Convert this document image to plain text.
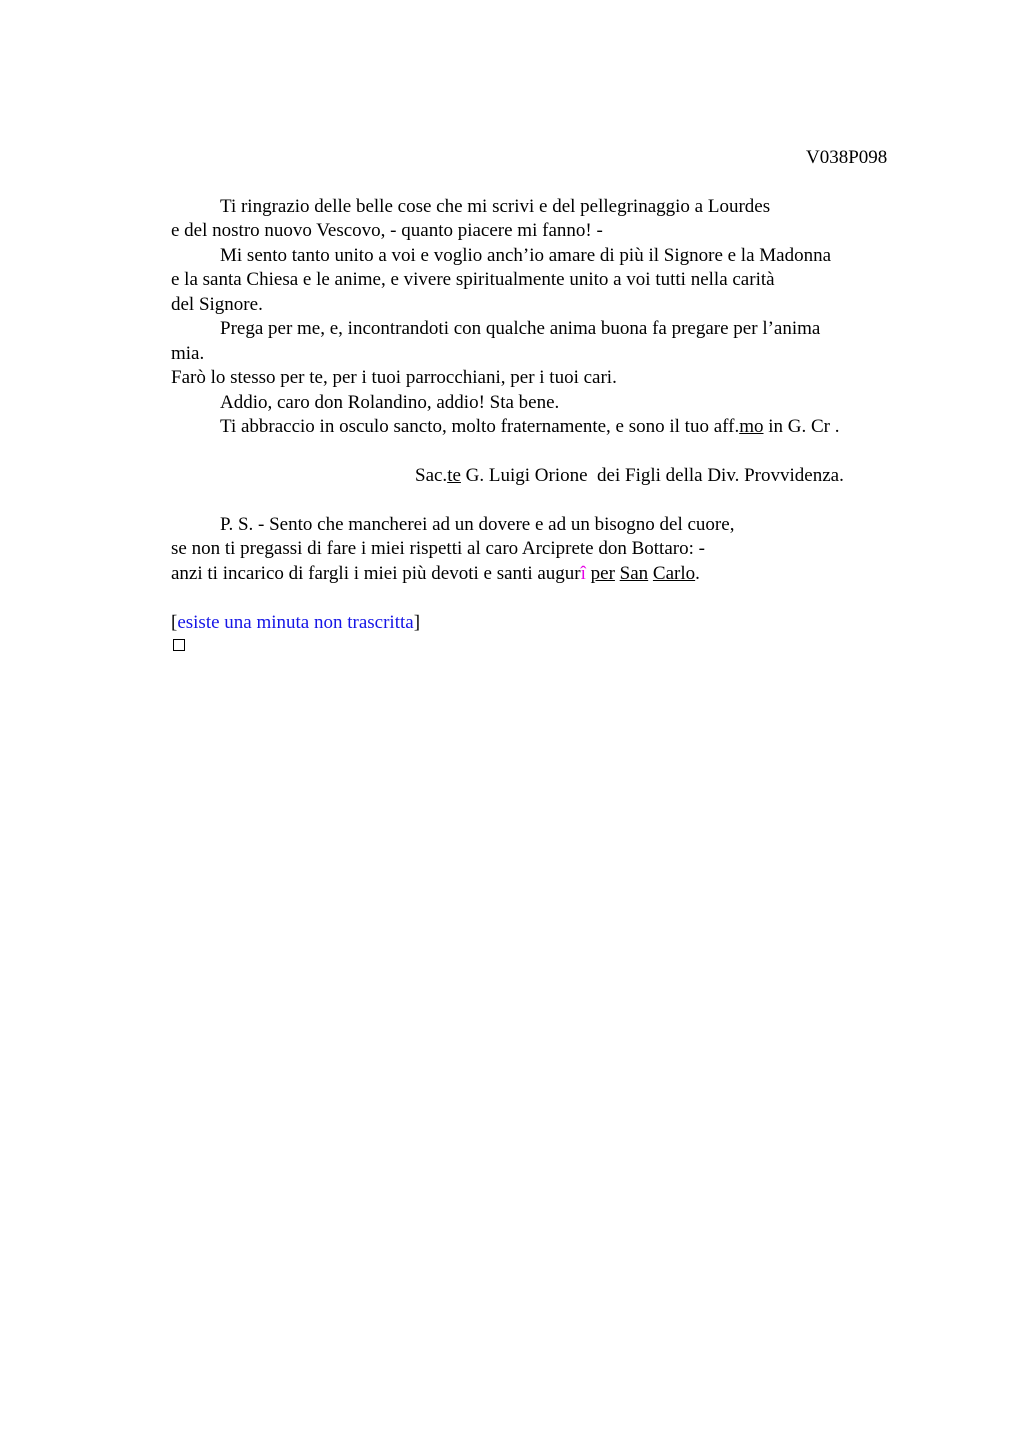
V038P098
Ti ringrazio delle belle cose che mi scrivi e del pellegrinaggio a Lourdes
e del nostro nuovo Vescovo, - quanto piacere mi fanno! -
Mi sento tanto unito a voi e voglio anch’io amare di più il Signore e la Madonna
e la santa Chiesa e le anime, e vivere spiritualmente unito a voi tutti nella carità
del Signore.
Prega per me, e, incontrandoti con qualche anima buona fa pregare per l’anima
mia.
Farò lo stesso per te, per i tuoi parrocchiani, per i tuoi cari.
Addio, caro don Rolandino, addio! Sta bene.
Ti abbraccio in osculo sancto, molto fraternamente, e sono il tuo aff.mo in G. Cr .
Sac.te G. Luigi Orione  dei Figli della Div. Provvidenza.
P. S. - Sento che mancherei ad un dovere e ad un bisogno del cuore,
se non ti pregassi di fare i miei rispetti al caro Arciprete don Bottaro: -
anzi ti incarico di fargli i miei più devoti e santi augurî per San Carlo.
[esiste una minuta non trascritta]
